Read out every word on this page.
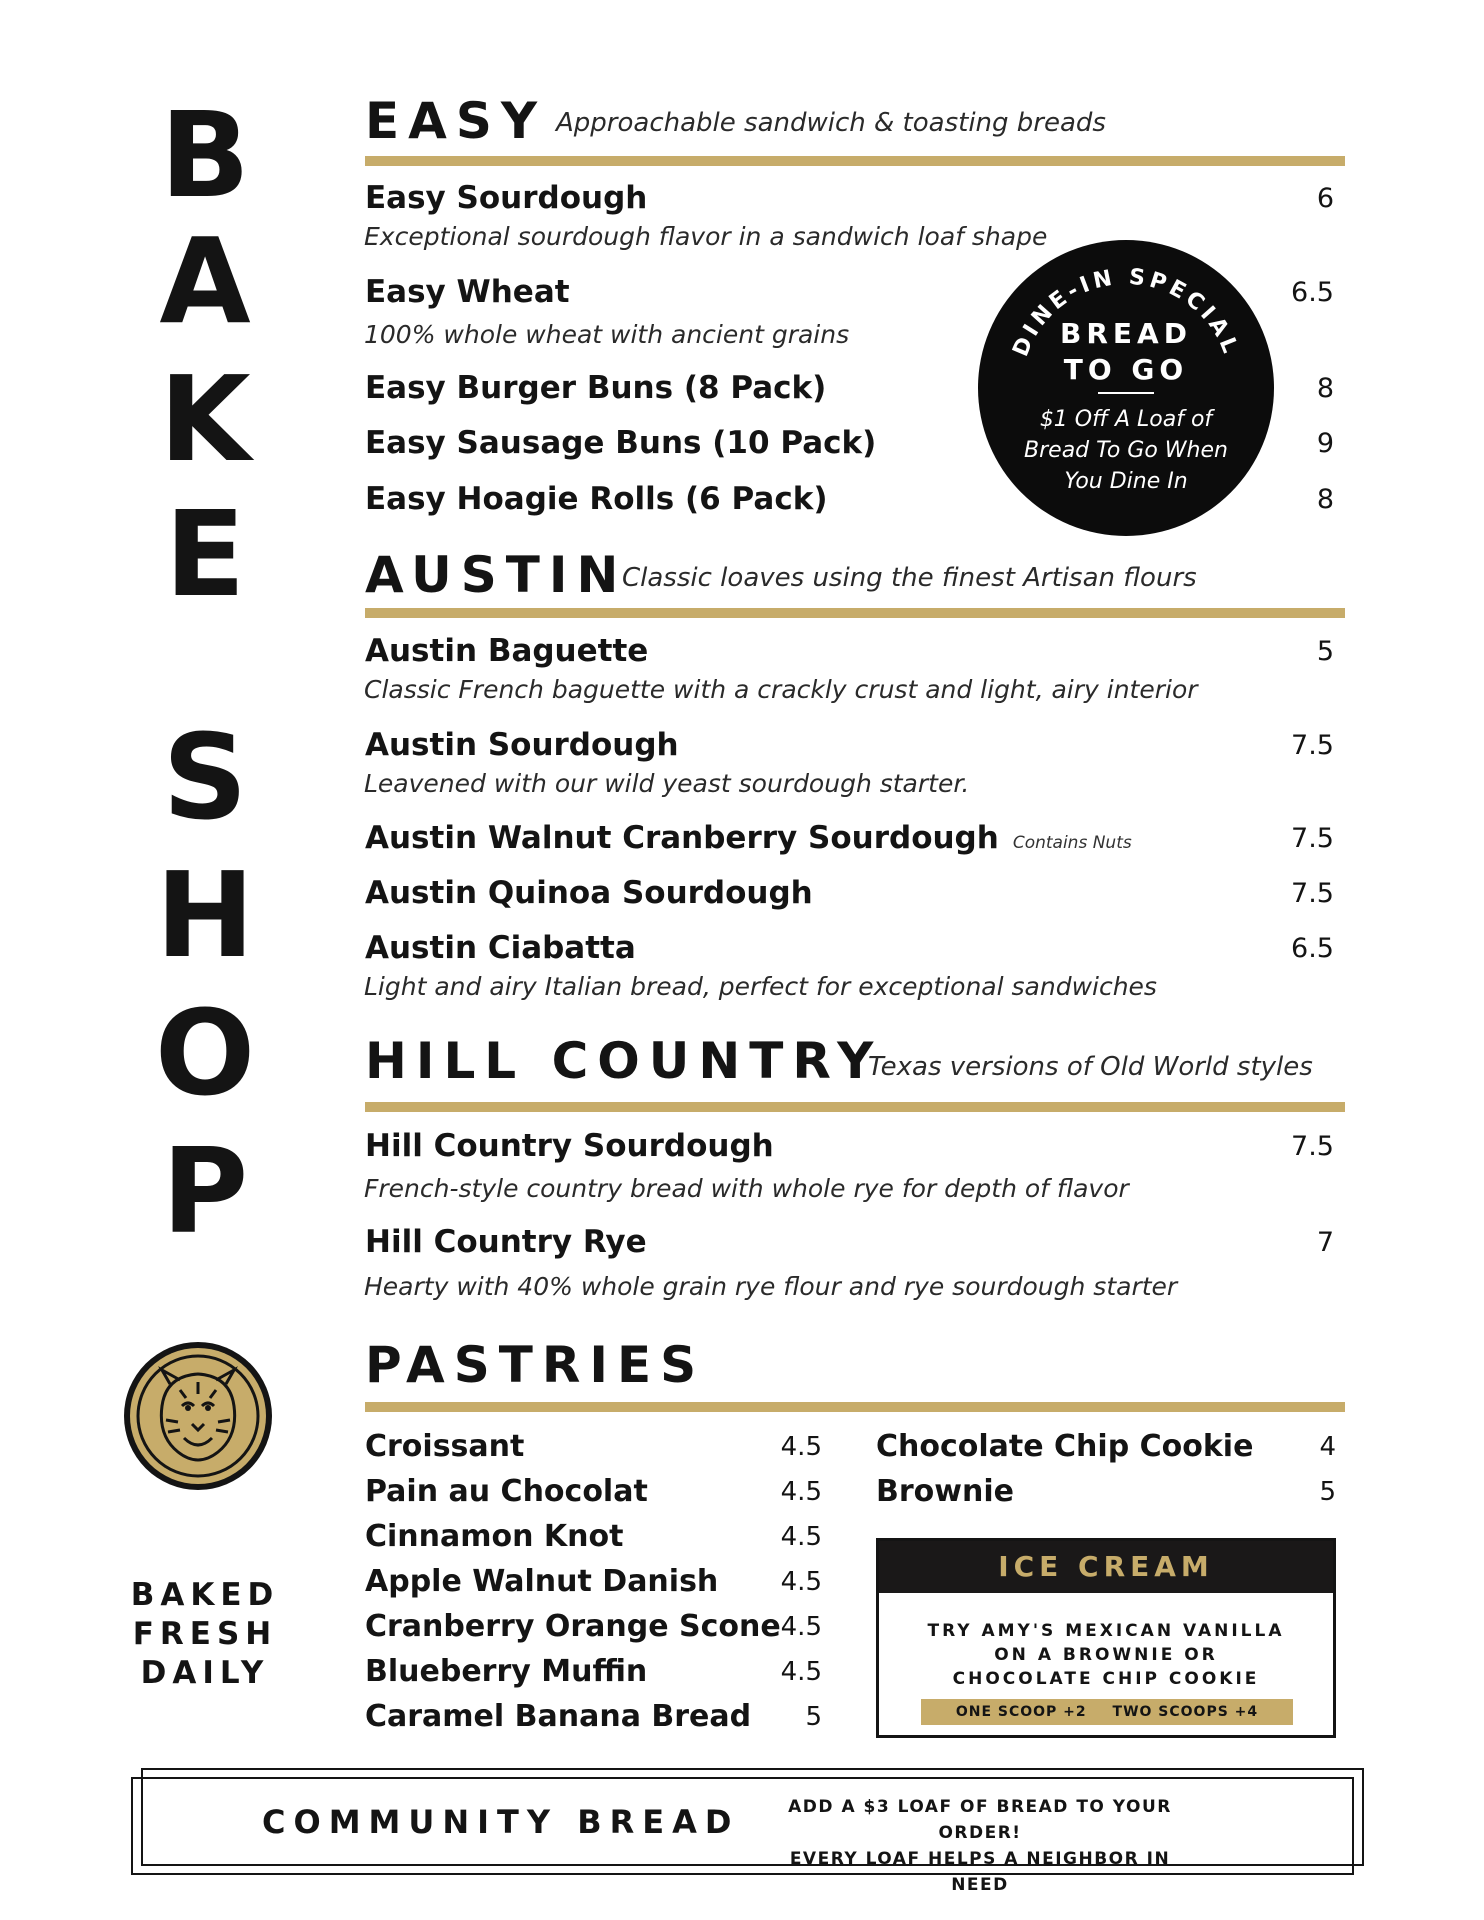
B
A
K
E
S
H
O
P
BAKED
FRESH
DAILY
EASY Approachable sandwich & toasting breads
Easy Sourdough	6
Exceptional sourdough flavor in a sandwich loaf shape
Easy Wheat	6.5
100% whole wheat with ancient grains
Easy Burger Buns (8 Pack)	8
Easy Sausage Buns (10 Pack)	9
Easy Hoagie Rolls (6 Pack)	8
DINE-IN SPECIAL
BREAD
TO GO
$1 Off A Loaf of
Bread To Go When
You Dine In
AUSTIN
Classic loaves using the finest Artisan flours
Austin Baguette	5
Classic French baguette with a crackly crust and light, airy interior
Austin Sourdough	7.5
Leavened with our wild yeast sourdough starter.
Austin Walnut Cranberry Sourdough Contains Nuts	7.5
Austin Quinoa Sourdough	7.5
Austin Ciabatta	6.5
Light and airy Italian bread, perfect for exceptional sandwiches
HILL COUNTRY
Texas versions of Old World styles
Hill Country Sourdough	7.5
French-style country bread with whole rye for depth of flavor
Hill Country Rye	7
Hearty with 40% whole grain rye flour and rye sourdough starter
PASTRIES
Croissant	4.5
Pain au Chocolat	4.5
Cinnamon Knot	4.5
Apple Walnut Danish	4.5
Cranberry Orange Scone 4.5
Blueberry Muffin	4.5
Caramel Banana Bread	5
Chocolate Chip Cookie	4
Brownie	5
ICE CREAM
TRY AMY'S MEXICAN VANILLA
ON A BROWNIE OR
CHOCOLATE CHIP COOKIE
ONE SCOOP +2 TWO SCOOPS +4
COMMUNITY BREAD	ADD A $3 LOAF OF BREAD TO YOUR ORDER!
EVERY LOAF HELPS A NEIGHBOR IN NEED
